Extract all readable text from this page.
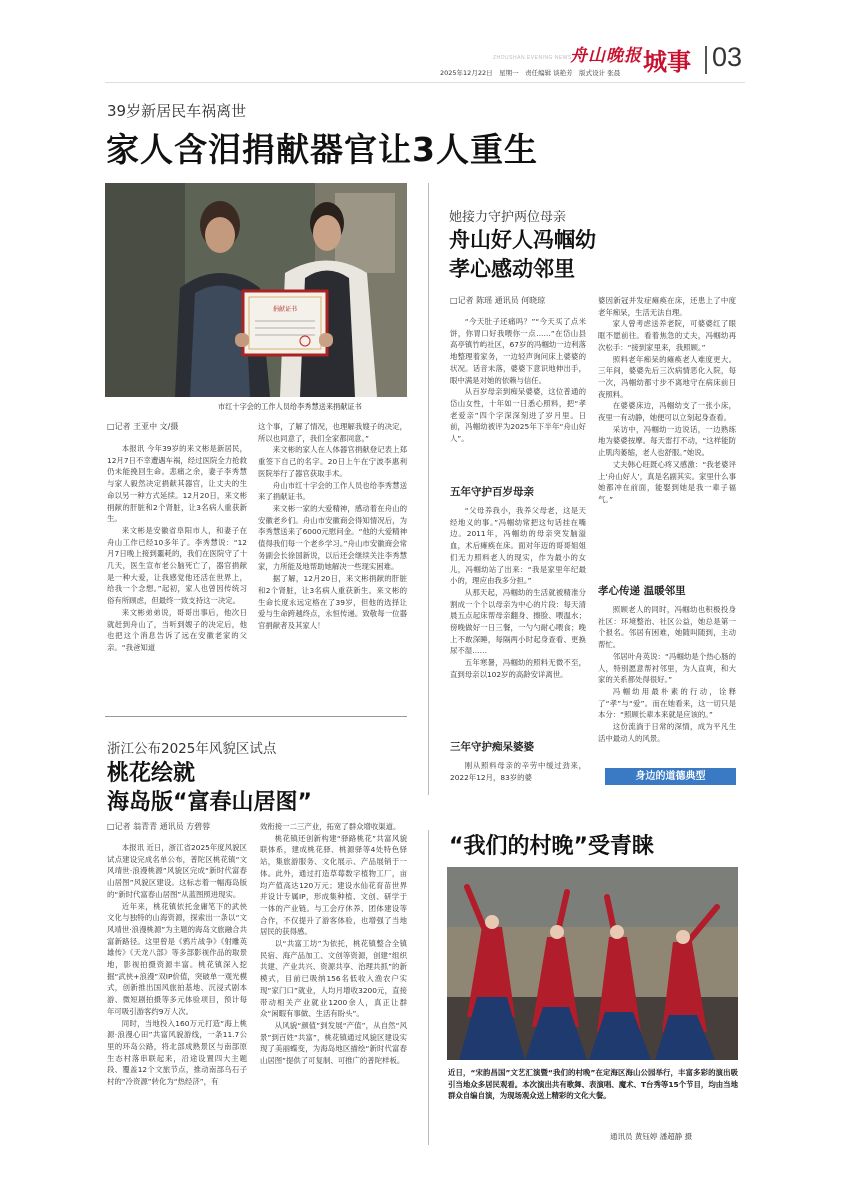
ZHOUSHAN EVENING NEWS
舟山晚报 城事 03
2025年12月22日　星期一　责任编辑 谈艳芳　版式设计 张晨
39岁新居民车祸离世
家人含泪捐献器官让3人重生
捐献证书
市红十字会的工作人员给李秀慧送来捐献证书
□记者 王亚中 文/摄

本报讯 今年39岁的来文彬是新居民，12月7日不幸遭遇车祸，经过医院全力抢救仍未能挽回生命。悲痛之余，妻子李秀慧与家人毅然决定捐献其器官，让丈夫的生命以另一种方式延续。12月20日，来文彬捐献的肝脏和2个肾脏，让3名病人重获新生。

来文彬是安徽省阜阳市人，和妻子在舟山工作已经10多年了。李秀慧说：“12月7日晚上接到噩耗的，我们在医院守了十几天，医生宣布老公脑死亡了，器官捐献是一种大爱，让我感觉他还活在世界上，给我一个念想。”起初，家人也曾因传统习俗有所顾虑，但最终一致支持这一决定。

来文彬弟弟说，哥哥出事后，他次日就赶到舟山了，当听到嫂子的决定后，他也把这个消息告诉了远在安徽老家的父亲。“我爸知道

这个事，了解了情况，也理解我嫂子的决定，所以也同意了，我们全家都同意。”

来文彬的家人在人体器官捐献登记表上郑重签下自己的名字。20日上午在宁波李惠利医院举行了器官获取手术。

舟山市红十字会的工作人员也给李秀慧送来了捐献证书。

来文彬一家的大爱精神，感动着在舟山的安徽老乡们。舟山市安徽商会得知情况后，为李秀慧送来了6000元慰问金。“他的大爱精神值得我们每一个老乡学习。”舟山市安徽商会常务副会长徐国新说，以后还会继续关注李秀慧家，力所能及地帮助她解决一些现实困难。

据了解，12月20日，来文彬捐献的肝脏和2个肾脏，让3名病人重获新生。来文彬的生命长度永远定格在了39岁，但他的选择让爱与生命跨越终点，永恒传递。致敬每一位器官捐献者及其家人！

她接力守护两位母亲
舟山好人冯帼幼
孝心感动邻里
□记者 陈瑶 通讯员 何晓琼

“今天肚子还痛吗？”“今天买了点米饼，你胃口好我喂你一点……”在岱山县高亭镇竹屿社区，67岁的冯帼幼一边利落地整理着家务，一边轻声询问床上婆婆的状况。话音未落，婆婆下意识地伸出手，眼中满是对她的依赖与信任。

从百岁母亲到痴呆婆婆，这位普通的岱山女性，十年如一日悉心照料，把“孝老爱亲”四个字深深刻进了岁月里。日前，冯帼幼被评为2025年下半年“舟山好人”。

五年守护百岁母亲

“父母养我小，我养父母老，这是天经地义的事。”冯帼幼常把这句话挂在嘴边。2011年，冯帼幼的母亲突发脑溢血，术后瘫痪在床。面对年迈的哥哥姐姐们无力照料老人的现实，作为最小的女儿，冯帼幼站了出来：“我是家里年纪最小的，理应由我多分担。”

从那天起，冯帼幼的生活就被精准分割成一个个以母亲为中心的片段：每天清晨五点起床帮母亲翻身、擦脸、喂温水；傍晚做好一日三餐，一勺勺耐心喂食；晚上不敢深睡，每隔两小时起身查看、更换尿不湿……

五年寒暑，冯帼幼的照料无微不至，直到母亲以102岁的高龄安详离世。

三年守护痴呆婆婆

刚从照料母亲的辛劳中缓过劲来，2022年12月，83岁的婆

婆因新冠并发症瘫痪在床，还患上了中度老年痴呆，生活无法自理。

家人曾考虑送养老院，可婆婆红了眼眶不愿前往。看着焦急的丈夫，冯帼幼再次松手：“接到家里来，我照顾。”

照料老年痴呆的瘫痪老人难度更大。三年间，婆婆先后三次病情恶化入院，每一次，冯帼幼都寸步不离地守在病床前日夜照料。

在婆婆床边，冯帼幼支了一张小床，夜里一有动静，她便可以立刻起身查看。

采访中，冯帼幼一边说话，一边熟练地为婆婆按摩。每天雷打不动，“这样能防止肌肉萎缩，老人也舒服。”她说。

丈夫韩心旺既心疼又感激：“我老婆评上‘舟山好人’，真是名副其实。家里什么事她都冲在前面，能娶到她是我一辈子福气。”

孝心传递 温暖邻里

照顾老人的同时，冯帼幼也积极投身社区：环境整治、社区公益，她总是第一个报名。邻居有困难，她随叫随到，主动帮忙。

邻居叶舟英说：“冯帼幼是个热心肠的人，特别愿意帮衬邻里，为人直爽，和大家的关系都处得很好。”

冯帼幼用最朴素的行动，诠释了“孝”与“爱”。而在她看来，这一切只是本分：“照顾长辈本来就是应该的。”

这份流淌于日常的深情，成为平凡生活中最动人的风景。

身边的道德典型
浙江公布2025年风貌区试点
桃花绘就
海岛版“富春山居图”
□记者 翁青青 通讯员 方碧蓉

本报讯 近日，浙江省2025年度风貌区试点建设完成名单公布，普陀区桃花镇“文风靖世·浪漫桃源”风貌区完成“新时代富春山居图”风貌区建设。这标志着一幅海岛版的“新时代富春山居图”从蓝图照进现实。

近年来，桃花镇依托金庸笔下的武侠文化与独特的山海资源，探索出一条以“文风靖世·浪漫桃源”为主题的海岛文旅融合共富新路径。这里曾是《鸦片战争》《射雕英雄传》《天龙八部》等多部影视作品的取景地，影视拍摄资源丰富。桃花镇深入挖掘“武侠+浪漫”双IP价值，突破单一观光模式，创新推出国风旅拍基地、沉浸式剧本游、微短剧拍摄等多元体验项目，预计每年可吸引游客约9万人次。

同时，当地投入160万元打造“海上桃源·浪漫心田”共富风貌游线，一条11.7公里的环岛公路，将北部成熟景区与南部原生态村落串联起来，沿途设置四大主题段、覆盖12个文旅节点，推动南部乌石子村的“冷资源”转化为“热经济”，有

效衔接一二三产业，拓宽了群众增收渠道。

桃花镇还创新构建“驿路桃花”共富风貌联体系，建成桃花驿、桃源驿等4处特色驿站，集旅游服务、文化展示、产品展销于一体。此外，通过打造草莓数字植物工厂，亩均产值高达120万元；建设水仙花育苗世界并设计专属IP，形成集种植、文创、研学于一体的产业链。与工会疗休养、团体建设等合作，不仅提升了游客体验，也增强了当地居民的获得感。

以“共富工坊”为依托，桃花镇整合全镇民宿、海产品加工、文创等资源，创建“组织共建、产业共兴、资源共享、治理共抓”的新模式，目前已吸纳156名低收入渔农户实现“家门口”就业，人均月增收3200元，直接带动相关产业就业1200余人，真正让群众“闲暇有事做、生活有盼头”。

从风貌“颜值”到发展“产值”，从自然“风景”到百姓“共富”，桃花镇通过风貌区建设实现了美丽蝶变，为海岛地区描绘“新时代富春山居图”提供了可复制、可推广的普陀样板。

“我们的村晚”受青睐
近日，“宋韵昌国”文艺汇演暨“我们的村晚”在定海区海山公园举行，丰富多彩的演出吸引当地众多居民观看。本次演出共有歌舞、表演唱、魔术、T台秀等15个节目，均由当地群众自编自演，为现场观众送上精彩的文化大餐。
通讯员 黄钰婷 潘超静 摄
